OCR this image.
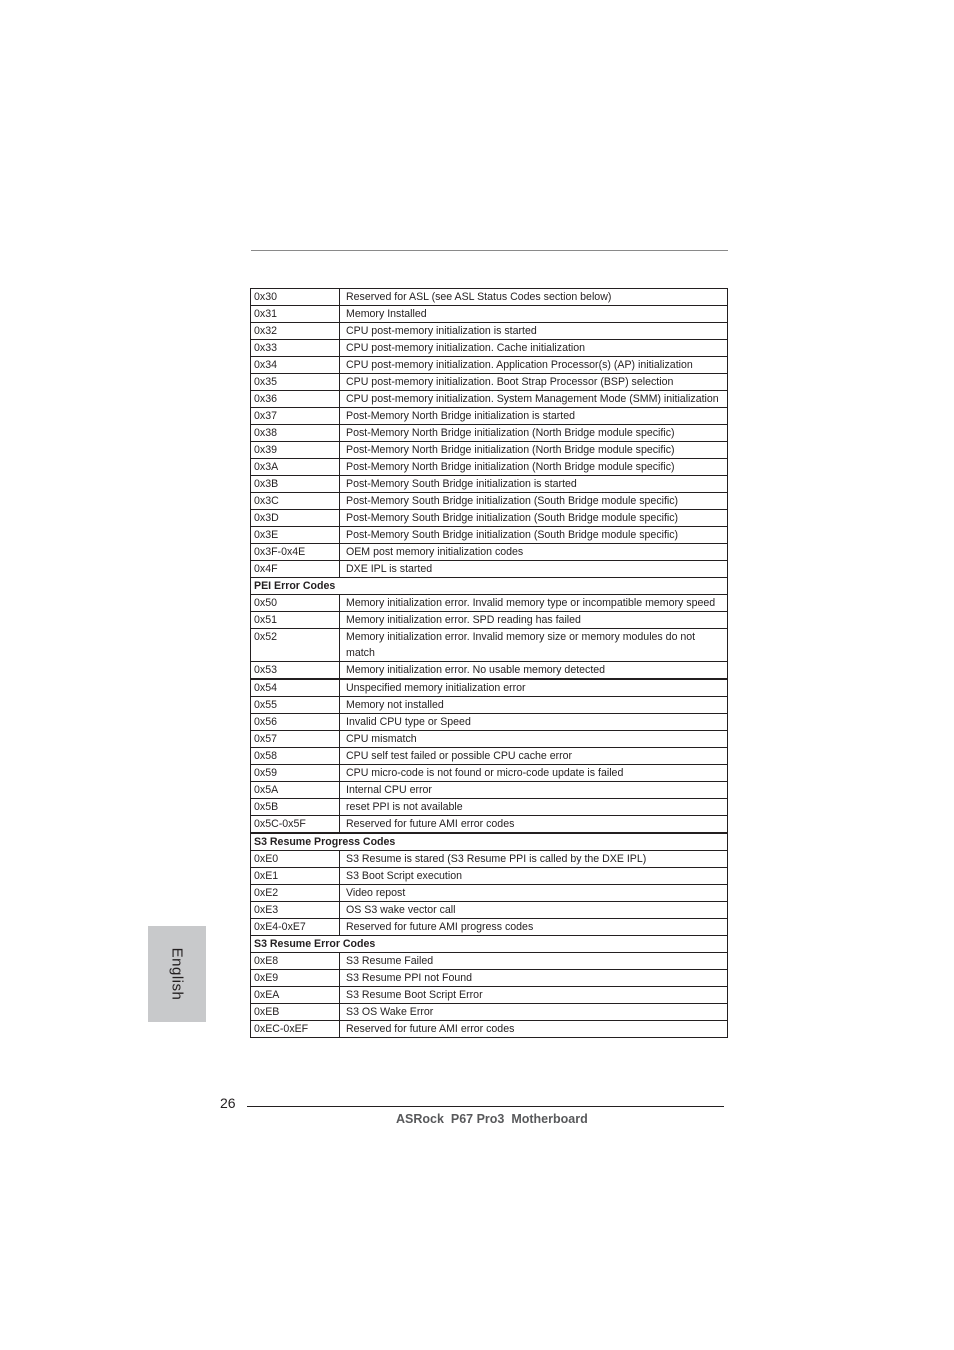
0x30	Reserved for ASL (see ASL Status Codes section below)
0x31	Memory Installed
0x32	CPU post-memory initialization is started
0x33	CPU post-memory initialization. Cache initialization
0x34	CPU post-memory initialization. Application Processor(s) (AP) initialization
0x35	CPU post-memory initialization. Boot Strap Processor (BSP) selection
0x36	CPU post-memory initialization. System Management Mode (SMM) initialization
0x37	Post-Memory North Bridge initialization is started
0x38	Post-Memory North Bridge initialization (North Bridge module specific)
0x39	Post-Memory North Bridge initialization (North Bridge module specific)
0x3A	Post-Memory North Bridge initialization (North Bridge module specific)
0x3B	Post-Memory South Bridge initialization is started
0x3C	Post-Memory South Bridge initialization (South Bridge module specific)
0x3D	Post-Memory South Bridge initialization (South Bridge module specific)
0x3E	Post-Memory South Bridge initialization (South Bridge module specific)
0x3F-0x4E	OEM post memory initialization codes
0x4F	DXE IPL is started
PEI Error Codes	
0x50	Memory initialization error. Invalid memory type or incompatible memory speed
0x51	Memory initialization error. SPD reading has failed
0x52	Memory initialization error. Invalid memory size or memory modules do not match
0x53	Memory initialization error. No usable memory detected
0x54	Unspecified memory initialization error
0x55	Memory not installed
0x56	Invalid CPU type or Speed
0x57	CPU mismatch
0x58	CPU self test failed or possible CPU cache error
0x59	CPU micro-code is not found or micro-code update is failed
0x5A	Internal CPU error
0x5B	reset PPI is not available
0x5C-0x5F	Reserved for future AMI error codes
S3 Resume Progress Codes	
0xE0	S3 Resume is stared (S3 Resume PPI is called by the DXE IPL)
0xE1	S3 Boot Script execution
0xE2	Video repost
0xE3	OS S3 wake vector call
0xE4-0xE7	Reserved for future AMI progress codes
S3 Resume Error Codes	
0xE8	S3 Resume Failed
0xE9	S3 Resume PPI not Found
0xEA	S3 Resume Boot Script Error
0xEB	S3 OS Wake Error
0xEC-0xEF	Reserved for future AMI error codes
English
26
ASRock  P67 Pro3  Motherboard
